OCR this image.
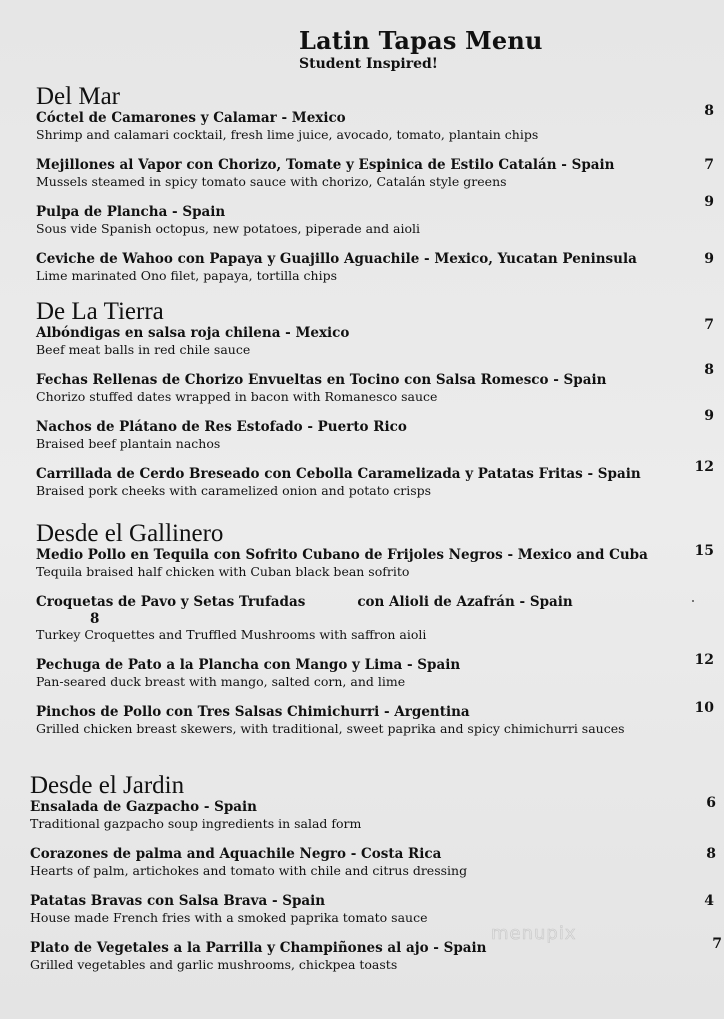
Latin Tapas Menu
Student Inspired!
Del Mar
Cóctel de Camarones y Calamar - Mexico
Shrimp and calamari cocktail, fresh lime juice, avocado, tomato, plantain chips
8
Mejillones al Vapor con Chorizo, Tomate y Espinica de Estilo Catalán - Spain
Mussels steamed in spicy tomato sauce with chorizo, Catalán style greens
7
Pulpa de Plancha - Spain
Sous vide Spanish octopus, new potatoes, piperade and aioli
9
Ceviche de Wahoo con Papaya y Guajillo Aguachile - Mexico, Yucatan Peninsula
Lime marinated Ono filet, papaya, tortilla chips
9
De La Tierra
Albóndigas en salsa roja chilena - Mexico
Beef meat balls in red chile sauce
7
Fechas Rellenas de Chorizo Envueltas en Tocino con Salsa Romesco - Spain
Chorizo stuffed dates wrapped in bacon with Romanesco sauce
8
Nachos de Plátano de Res Estofado - Puerto Rico
Braised beef plantain nachos
9
Carrillada de Cerdo Breseado con Cebolla Caramelizada y Patatas Fritas - Spain
Braised pork cheeks with caramelized onion and potato crisps
12
Desde el Gallinero
Medio Pollo en Tequila con Sofrito Cubano de Frijoles Negros - Mexico and Cuba
Tequila braised half chicken with Cuban black bean sofrito
15
Croquetas de Pavo y Setas Trufadas	con Alioli de Azafrán - Spain
8
Turkey Croquettes and Truffled Mushrooms with saffron aioli
Pechuga de Pato a la Plancha con Mango y Lima - Spain
Pan-seared duck breast with mango, salted corn, and lime
12
Pinchos de Pollo con Tres Salsas Chimichurri - Argentina
Grilled chicken breast skewers, with traditional, sweet paprika and spicy chimichurri sauces
10
Desde el Jardin
Ensalada de Gazpacho - Spain
Traditional gazpacho soup ingredients in salad form
6
Corazones de palma and Aquachile Negro - Costa Rica
Hearts of palm, artichokes and tomato with chile and citrus dressing
8
Patatas Bravas con Salsa Brava - Spain
House made French fries with a smoked paprika tomato sauce
4
Plato de Vegetales a la Parrilla y Champiñones al ajo - Spain
Grilled vegetables and garlic mushrooms, chickpea toasts
7
menupix
